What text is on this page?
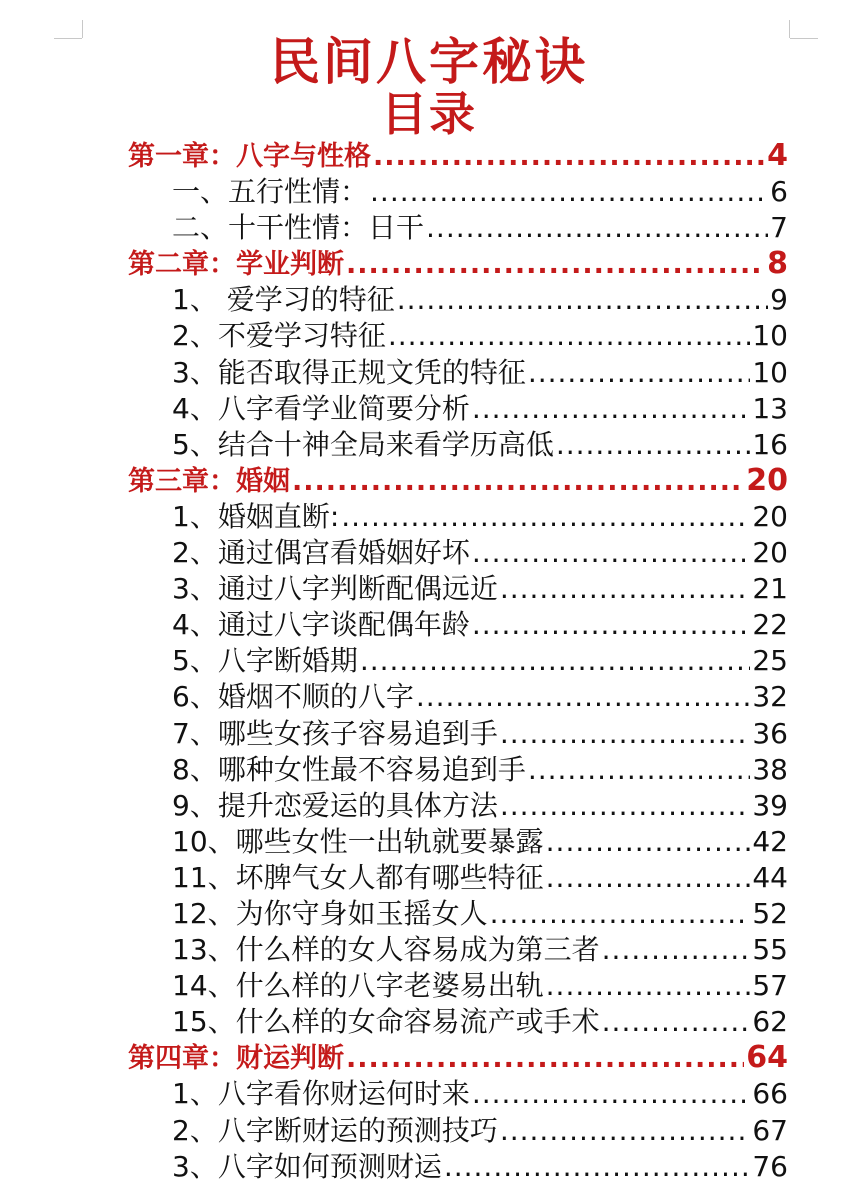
民间八字秘诀
目录
第一章：八字与性格 .....	4
一、五行性情： .....	6
二、十干性情：日干 .....	7
第二章：学业判断 .....	8
1、 爱学习的特征 .....	9
2、不爱学习特征 .....	10
3、能否取得正规文凭的特征 .....	10
4、八字看学业简要分析 .....	13
5、结合十神全局来看学历高低 .....	16
第三章：婚姻 .....	20
1、婚姻直断: .....	20
2、通过偶宫看婚姻好坏 .....	20
3、通过八字判断配偶远近 .....	21
4、通过八字谈配偶年龄 .....	22
5、八字断婚期 .....	25
6、婚烟不顺的八字 .....	32
7、哪些女孩子容易追到手 .....	36
8、哪种女性最不容易追到手 .....	38
9、提升恋爱运的具体方法 .....	39
10、哪些女性一出轨就要暴露 .....	42
11、坏脾气女人都有哪些特征 .....	44
12、为你守身如玉摇女人 .....	52
13、什么样的女人容易成为第三者 .....	55
14、什么样的八字老婆易出轨 .....	57
15、什么样的女命容易流产或手术 .....	62
第四章：财运判断 .....	64
1、八字看你财运何时来 .....	66
2、八字断财运的预测技巧 .....	67
3、八字如何预测财运 .....	76
